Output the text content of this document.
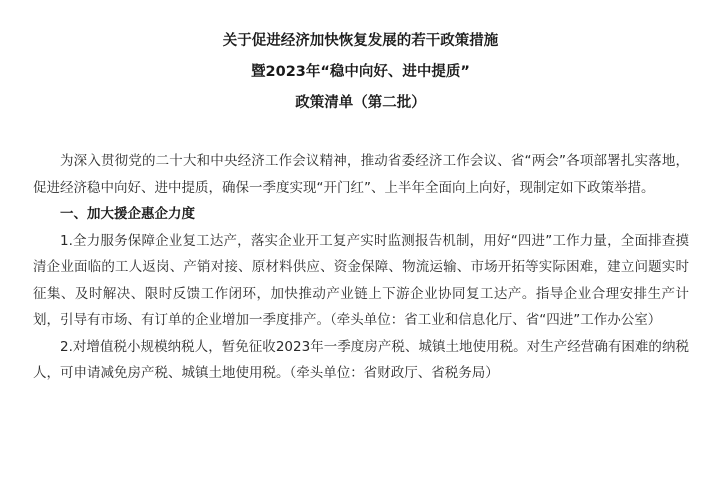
关于促进经济加快恢复发展的若干政策措施
暨2023年“稳中向好、进中提质”
政策清单（第二批）

为深入贯彻党的二十大和中央经济工作会议精神，推动省委经济工作会议、省“两会”各项部署扎实落地，促进经济稳中向好、进中提质，确保一季度实现“开门红”、上半年全面向上向好，现制定如下政策举措。

一、加大援企惠企力度

1.全力服务保障企业复工达产，落实企业开工复产实时监测报告机制，用好“四进”工作力量，全面排查摸清企业面临的工人返岗、产销对接、原材料供应、资金保障、物流运输、市场开拓等实际困难，建立问题实时征集、及时解决、限时反馈工作闭环，加快推动产业链上下游企业协同复工达产。指导企业合理安排生产计划，引导有市场、有订单的企业增加一季度排产。（牵头单位：省工业和信息化厅、省“四进”工作办公室）

2.对增值税小规模纳税人，暂免征收2023年一季度房产税、城镇土地使用税。对生产经营确有困难的纳税人，可申请减免房产税、城镇土地使用税。（牵头单位：省财政厅、省税务局）
